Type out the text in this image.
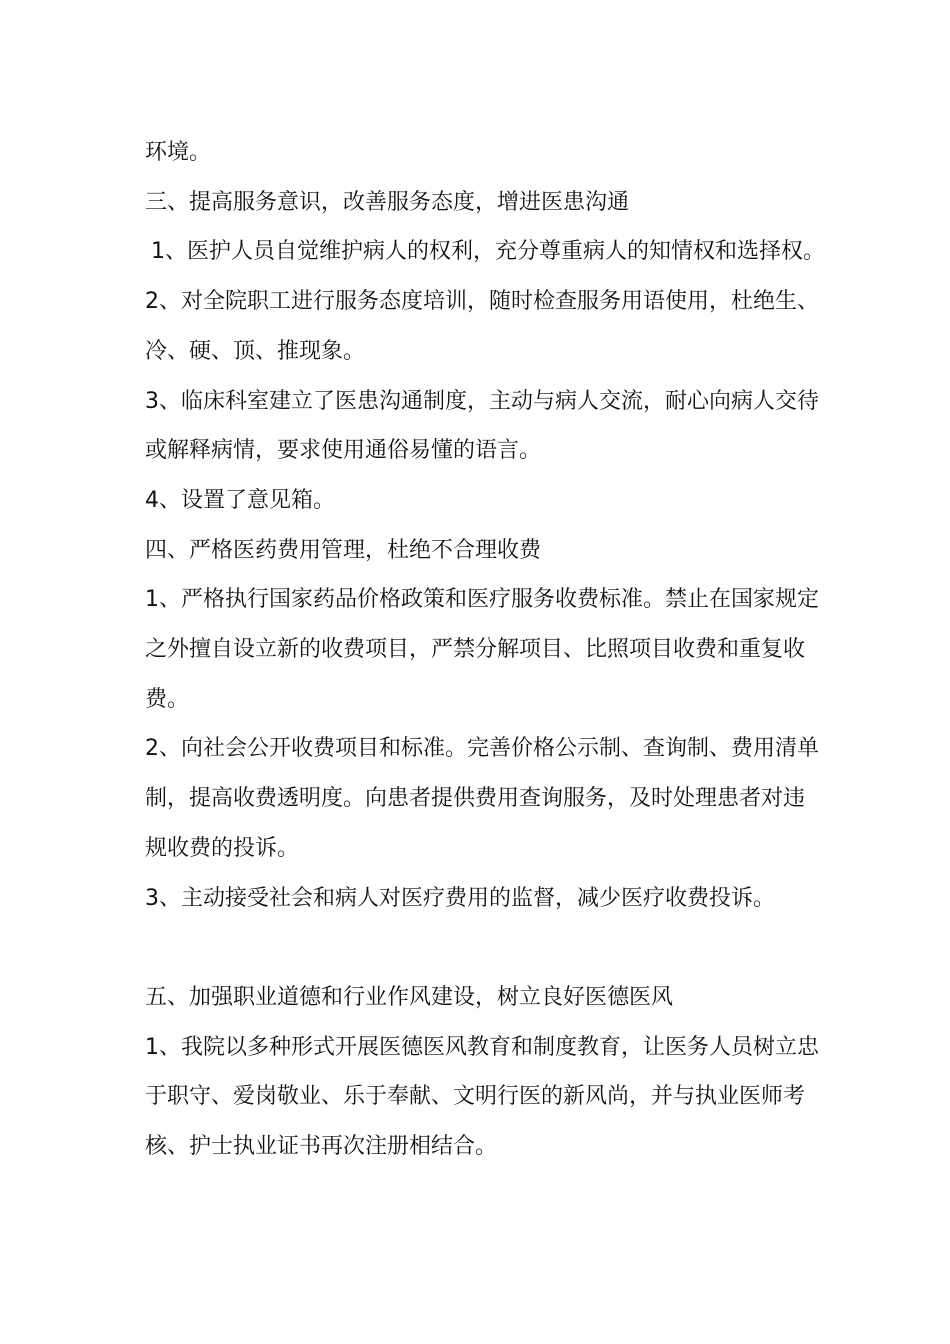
环境。

三、提高服务意识，改善服务态度，增进医患沟通

1、医护人员自觉维护病人的权利，充分尊重病人的知情权和选择权。

2、对全院职工进行服务态度培训，随时检查服务用语使用，杜绝生、冷、硬、顶、推现象。

3、临床科室建立了医患沟通制度，主动与病人交流，耐心向病人交待或解释病情，要求使用通俗易懂的语言。

4、设置了意见箱。

四、严格医药费用管理，杜绝不合理收费

1、严格执行国家药品价格政策和医疗服务收费标准。禁止在国家规定之外擅自设立新的收费项目，严禁分解项目、比照项目收费和重复收费。

2、向社会公开收费项目和标准。完善价格公示制、查询制、费用清单制，提高收费透明度。向患者提供费用查询服务，及时处理患者对违规收费的投诉。

3、主动接受社会和病人对医疗费用的监督，减少医疗收费投诉。

五、加强职业道德和行业作风建设，树立良好医德医风

1、我院以多种形式开展医德医风教育和制度教育，让医务人员树立忠于职守、爱岗敬业、乐于奉献、文明行医的新风尚，并与执业医师考核、护士执业证书再次注册相结合。
